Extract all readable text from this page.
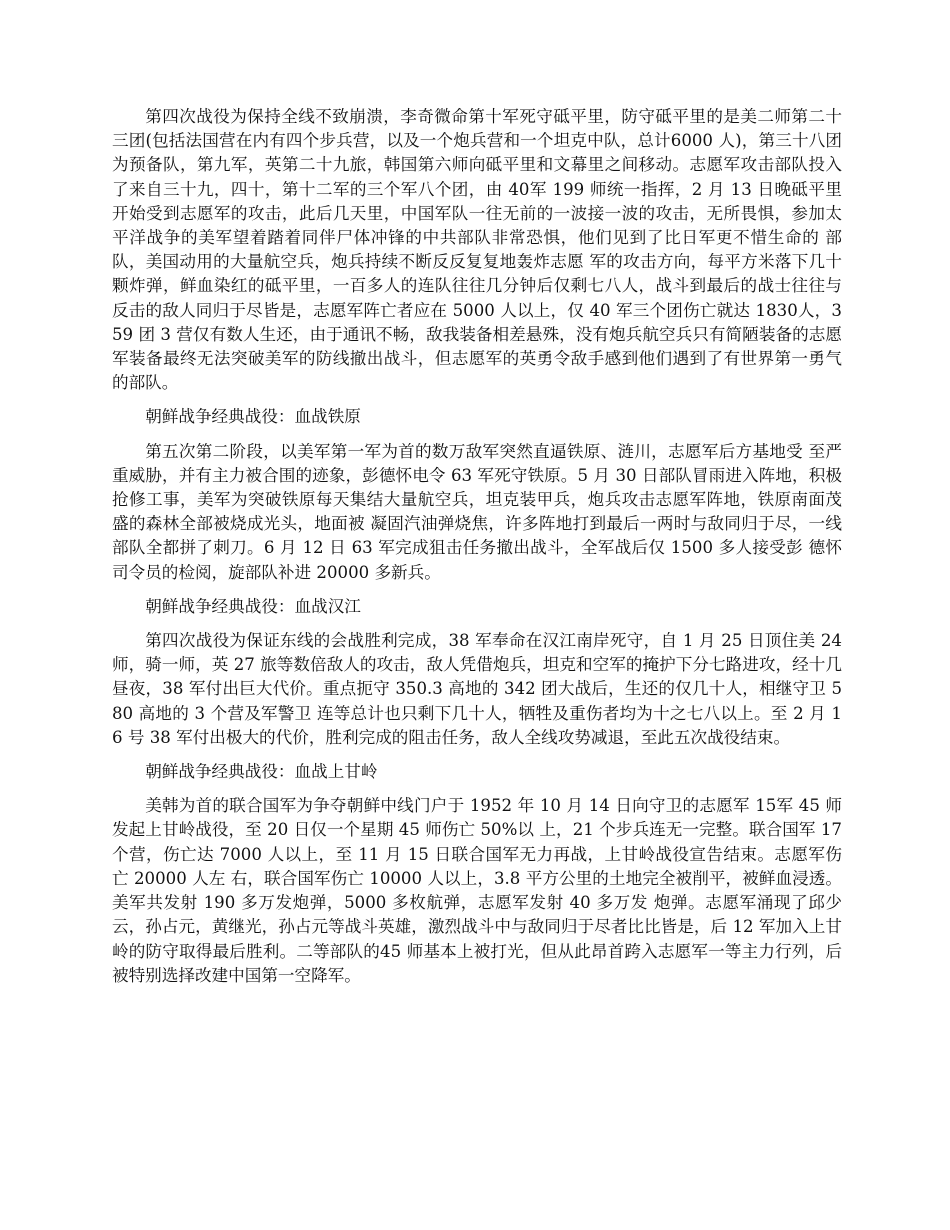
第四次战役为保持全线不致崩溃，李奇微命第十军死守砥平里，防守砥平里的是美二师第二十三团(包括法国营在内有四个步兵营，以及一个炮兵营和一个坦克中队，总计6000 人)，第三十八团为预备队，第九军，英第二十九旅，韩国第六师向砥平里和文幕里之间移动。志愿军攻击部队投入了来自三十九，四十，第十二军的三个军八个团，由 40军 199 师统一指挥，2 月 13 日晚砥平里开始受到志愿军的攻击，此后几天里，中国军队一往无前的一波接一波的攻击，无所畏惧，参加太平洋战争的美军望着踏着同伴尸体冲锋的中共部队非常恐惧，他们见到了比日军更不惜生命的 部队，美国动用的大量航空兵，炮兵持续不断反反复复地轰炸志愿 军的攻击方向，每平方米落下几十颗炸弹，鲜血染红的砥平里，一百多人的连队往往几分钟后仅剩七八人，战斗到最后的战士往往与反击的敌人同归于尽皆是，志愿军阵亡者应在 5000 人以上，仅 40 军三个团伤亡就达 1830人，359 团 3 营仅有数人生还，由于通讯不畅，敌我装备相差悬殊，没有炮兵航空兵只有简陋装备的志愿军装备最终无法突破美军的防线撤出战斗，但志愿军的英勇令敌手感到他们遇到了有世界第一勇气的部队。

朝鲜战争经典战役：血战铁原

第五次第二阶段，以美军第一军为首的数万敌军突然直逼铁原、涟川，志愿军后方基地受 至严重威胁，并有主力被合围的迹象，彭德怀电令 63 军死守铁原。5 月 30 日部队冒雨进入阵地，积极抢修工事，美军为突破铁原每天集结大量航空兵，坦克装甲兵，炮兵攻击志愿军阵地，铁原南面茂盛的森林全部被烧成光头，地面被 凝固汽油弹烧焦，许多阵地打到最后一两时与敌同归于尽，一线部队全都拼了刺刀。6 月 12 日 63 军完成狙击任务撤出战斗，全军战后仅 1500 多人接受彭 德怀司令员的检阅，旋部队补进 20000 多新兵。

朝鲜战争经典战役：血战汉江

第四次战役为保证东线的会战胜利完成，38 军奉命在汉江南岸死守，自 1 月 25 日顶住美 24 师，骑一师，英 27 旅等数倍敌人的攻击，敌人凭借炮兵，坦克和空军的掩护下分七路进攻，经十几昼夜，38 军付出巨大代价。重点扼守 350.3 高地的 342 团大战后，生还的仅几十人，相继守卫 580 高地的 3 个营及军警卫 连等总计也只剩下几十人，牺牲及重伤者均为十之七八以上。至 2 月 16 号 38 军付出极大的代价，胜利完成的阻击任务，敌人全线攻势减退，至此五次战役结束。

朝鲜战争经典战役：血战上甘岭

美韩为首的联合国军为争夺朝鲜中线门户于 1952 年 10 月 14 日向守卫的志愿军 15军 45 师发起上甘岭战役，至 20 日仅一个星期 45 师伤亡 50%以 上，21 个步兵连无一完整。联合国军 17 个营，伤亡达 7000 人以上，至 11 月 15 日联合国军无力再战，上甘岭战役宣告结束。志愿军伤亡 20000 人左 右，联合国军伤亡 10000 人以上，3.8 平方公里的土地完全被削平，被鲜血浸透。美军共发射 190 多万发炮弹，5000 多枚航弹，志愿军发射 40 多万发 炮弹。志愿军涌现了邱少云，孙占元，黄继光，孙占元等战斗英雄，激烈战斗中与敌同归于尽者比比皆是，后 12 军加入上甘岭的防守取得最后胜利。二等部队的45 师基本上被打光，但从此昂首跨入志愿军一等主力行列，后被特别选择改建中国第一空降军。
